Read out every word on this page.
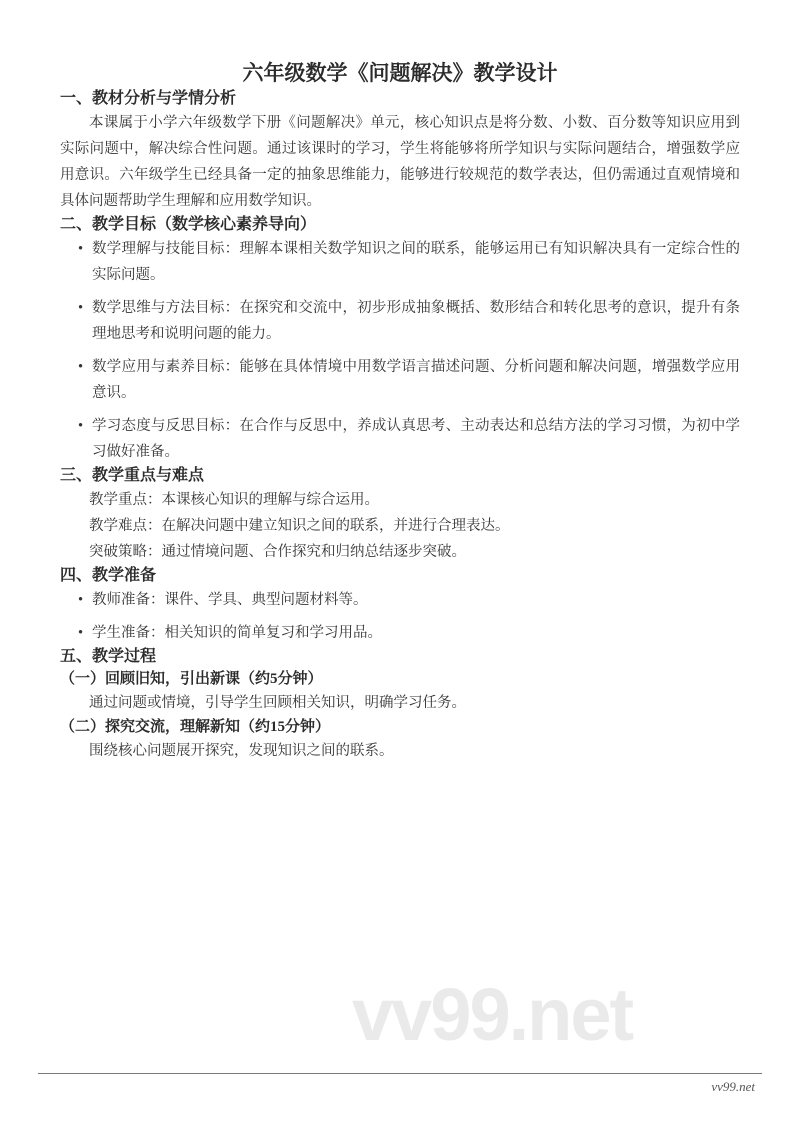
vv99.net
六年级数学《问题解决》教学设计
一、教材分析与学情分析

本课属于小学六年级数学下册《问题解决》单元，核心知识点是将分数、小数、百分数等知识应用到实际问题中，解决综合性问题。通过该课时的学习，学生将能够将所学知识与实际问题结合，增强数学应用意识。六年级学生已经具备一定的抽象思维能力，能够进行较规范的数学表达，但仍需通过直观情境和具体问题帮助学生理解和应用数学知识。

二、教学目标（数学核心素养导向）
• 数学理解与技能目标：理解本课相关数学知识之间的联系，能够运用已有知识解决具有一定综合性的实际问题。
• 数学思维与方法目标：在探究和交流中，初步形成抽象概括、数形结合和转化思考的意识，提升有条理地思考和说明问题的能力。
• 数学应用与素养目标：能够在具体情境中用数学语言描述问题、分析问题和解决问题，增强数学应用意识。
• 学习态度与反思目标：在合作与反思中，养成认真思考、主动表达和总结方法的学习习惯，为初中学习做好准备。
三、教学重点与难点

教学重点：本课核心知识的理解与综合运用。

教学难点：在解决问题中建立知识之间的联系，并进行合理表达。

突破策略：通过情境问题、合作探究和归纳总结逐步突破。

四、教学准备
• 教师准备：课件、学具、典型问题材料等。
• 学生准备：相关知识的简单复习和学习用品。
五、教学过程
（一）回顾旧知，引出新课（约5分钟）

通过问题或情境，引导学生回顾相关知识，明确学习任务。

（二）探究交流，理解新知（约15分钟）

围绕核心问题展开探究，发现知识之间的联系。

vv99.net
